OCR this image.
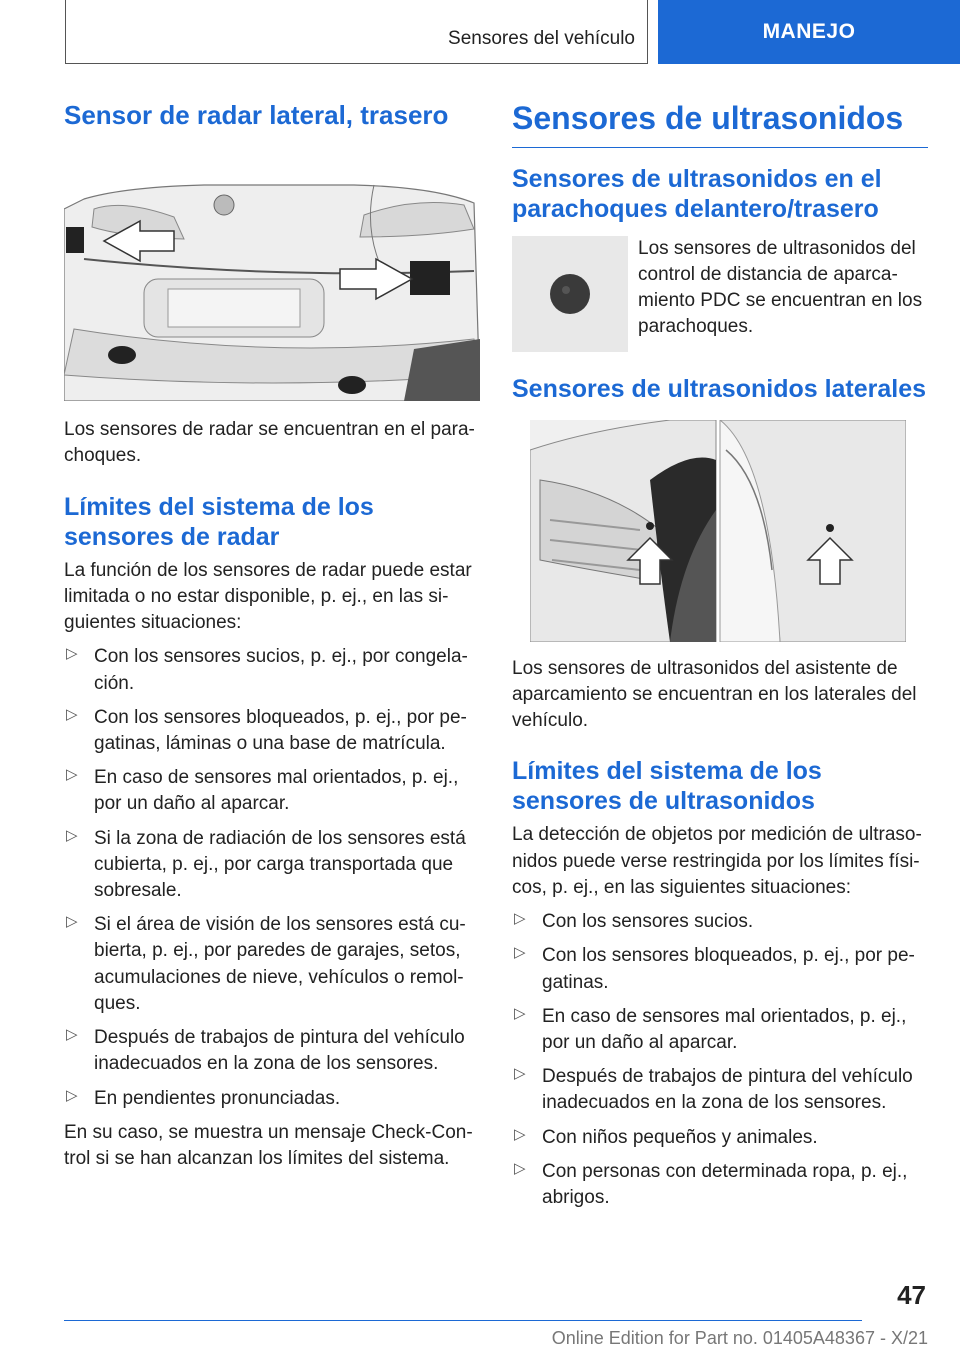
Sensores del vehículo	MANEJO
Sensor de radar lateral, trasero

Los sensores de radar se encuentran en el para-choques.

Límites del sistema de los sensores de radar

La función de los sensores de radar puede estar limitada o no estar disponible, p. ej., en las si-guientes situaciones:

▷ Con los sensores sucios, p. ej., por congela-ción.
▷ Con los sensores bloqueados, p. ej., por pe-gatinas, láminas o una base de matrícula.
▷ En caso de sensores mal orientados, p. ej., por un daño al aparcar.
▷ Si la zona de radiación de los sensores está cubierta, p. ej., por carga transportada que sobresale.
▷ Si el área de visión de los sensores está cu-bierta, p. ej., por paredes de garajes, setos, acumulaciones de nieve, vehículos o remol-ques.
▷ Después de trabajos de pintura del vehículo inadecuados en la zona de los sensores.
▷ En pendientes pronunciadas.

En su caso, se muestra un mensaje Check-Con-trol si se han alcanzan los límites del sistema.

Sensores de ultrasonidos
Sensores de ultrasonidos en el parachoques delantero/trasero

Los sensores de ultrasonidos del control de distancia de aparca-miento PDC se encuentran en los parachoques.

Sensores de ultrasonidos laterales

Los sensores de ultrasonidos del asistente de aparcamiento se encuentran en los laterales del vehículo.

Límites del sistema de los sensores de ultrasonidos

La detección de objetos por medición de ultraso-nidos puede verse restringida por los límites físi-cos, p. ej., en las siguientes situaciones:

▷ Con los sensores sucios.
▷ Con los sensores bloqueados, p. ej., por pe-gatinas.
▷ En caso de sensores mal orientados, p. ej., por un daño al aparcar.
▷ Después de trabajos de pintura del vehículo inadecuados en la zona de los sensores.
▷ Con niños pequeños y animales.
▷ Con personas con determinada ropa, p. ej., abrigos.
47
Online Edition for Part no. 01405A48367 - X/21
